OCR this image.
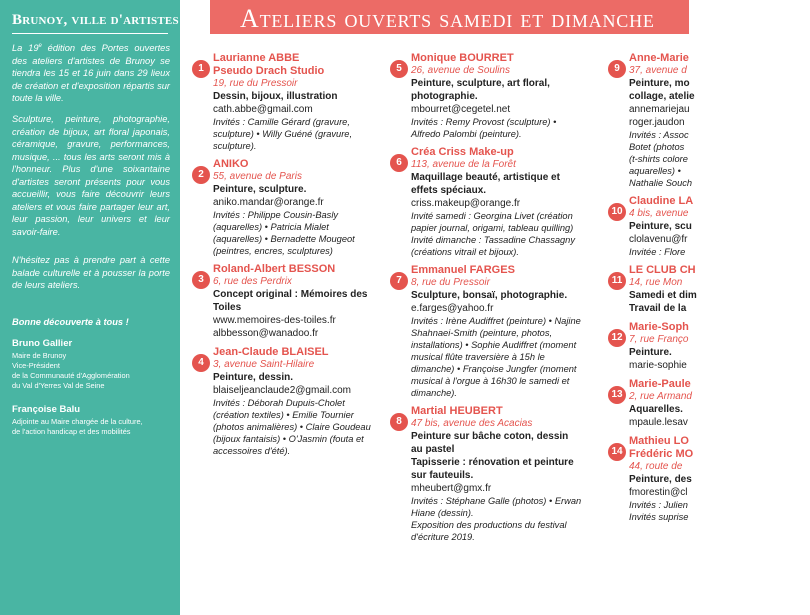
Brunoy, ville d'artistes

La 19e édition des Portes ouvertes des ateliers d'artistes de Brunoy se tiendra les 15 et 16 juin dans 29 lieux de création et d'exposition répartis sur toute la ville.

Sculpture, peinture, photographie, création de bijoux, art floral japonais, céramique, gravure, performances, musique, ... tous les arts seront mis à l'honneur. Plus d'une soixantaine d'artistes seront présents pour vous accueillir, vous faire découvrir leurs ateliers et vous faire partager leur art, leur passion, leur univers et leur savoir-faire.

N'hésitez pas à prendre part à cette balade culturelle et à pousser la porte de leurs ateliers.

Bonne découverte à tous !

Bruno Gallier
Maire de Brunoy
Vice-Président
de la Communauté d'Agglomération
du Val d'Yerres Val de Seine
Françoise Balu
Adjointe au Maire chargée de la culture,
de l'action handicap et des mobilités
Ateliers ouverts samedi et dimanche
1
Laurianne ABBE
Pseudo Drach Studio
19, rue du Pressoir
Dessin, bijoux, illustration
cath.abbe@gmail.com
Invités : Camille Gérard (gravure, sculpture) • Willy Guéné (gravure, sculpture).
2
ANIKO
55, avenue de Paris
Peinture, sculpture.
aniko.mandar@orange.fr
Invités : Philippe Cousin-Basly (aquarelles) • Patricia Mialet (aquarelles) • Bernadette Mougeot (peintres, encres, sculptures)
3
Roland-Albert BESSON
6, rue des Perdrix
Concept original : Mémoires des Toiles
www.memoires-des-toiles.fr
albbesson@wanadoo.fr
4
Jean-Claude BLAISEL
3, avenue Saint-Hilaire
Peinture, dessin.
blaiseljeanclaude2@gmail.com
Invités : Déborah Dupuis-Cholet (création textiles) • Emilie Tournier (photos animalières) • Claire Goudeau (bijoux fantaisis) • O'Jasmin (fouta et accessoires d'été).
5
Monique BOURRET
26, avenue de Soulins
Peinture, sculpture, art floral, photographie.
mbourret@cegetel.net
Invités : Remy Provost (sculpture) • Alfredo Palombi (peinture).
6
Créa Criss Make-up
113, avenue de la Forêt
Maquillage beauté, artistique et effets spéciaux.
criss.makeup@orange.fr
Invité samedi : Georgina Livet (création papier journal, origami, tableau quilling)
Invité dimanche : Tassadine Chassagny (créations vitrail et bijoux).
7
Emmanuel FARGES
8, rue du Pressoir
Sculpture, bonsaï, photographie.
e.farges@yahoo.fr
Invités : Irène Audiffret (peinture) • Najine Shahnaei-Smith (peinture, photos, installations) • Sophie Audiffret (moment musical flûte traversière à 15h le dimanche) • Françoise Jungfer (moment musical à l'orgue à 16h30 le samedi et dimanche).
8
Martial HEUBERT
47 bis, avenue des Acacias
Peinture sur bâche coton, dessin au pastel
Tapisserie : rénovation et peinture sur fauteuils.
mheubert@gmx.fr
Invités : Stéphane Galle (photos) • Erwan Hiane (dessin).
Exposition des productions du festival d'écriture 2019.
9
Anne-Marie
37, avenue d
Peinture, mo
collage, atelie
annemariejau
roger.jaudon
Invités : Assoc
Botet (photos
(t-shirts colore
aquarelles) •
Nathalie Souch
10
Claudine LA
4 bis, avenue
Peinture, scu
clolavenu@fr
Invitée : Flore
11
LE CLUB CH
14, rue Mon
Samedi et dim
Travail de la
12
Marie-Soph
7, rue Franço
Peinture.
marie-sophie
13
Marie-Paule
2, rue Armand
Aquarelles.
mpaule.lesav
14
Mathieu LO
Frédéric MO
44, route de
Peinture, des
fmorestin@cl
Invités : Julien
Invités suprise
